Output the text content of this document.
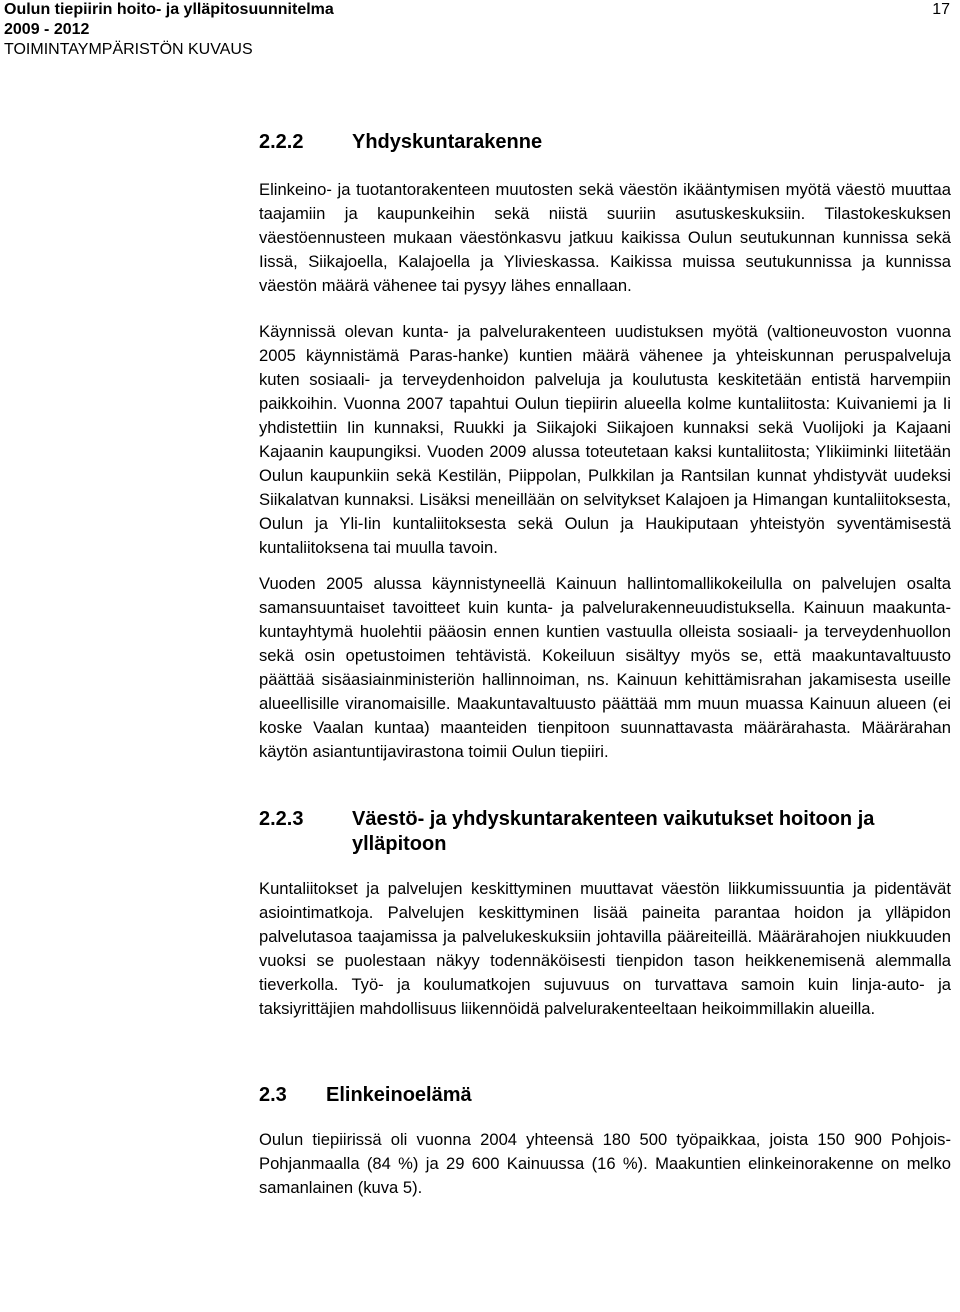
Oulun tiepiirin hoito- ja ylläpitosuunnitelma
2009 - 2012
TOIMINTAYMPÄRISTÖN KUVAUS
17
2.2.2	Yhdyskuntarakenne

Elinkeino- ja tuotantorakenteen muutosten sekä väestön ikääntymisen myötä väestö muuttaa taajamiin ja kaupunkeihin sekä niistä suuriin asutuskeskuksiin. Tilastokeskuksen väestöennusteen mukaan väestönkasvu jatkuu kaikissa Oulun seutukunnan kunnissa sekä Iissä, Siikajoella, Kalajoella ja Ylivieskassa. Kaikissa muissa seutukunnissa ja kunnissa väestön määrä vähenee tai pysyy lähes ennallaan.

Käynnissä olevan kunta- ja palvelurakenteen uudistuksen myötä (valtioneuvoston vuonna 2005 käynnistämä Paras-hanke) kuntien määrä vähenee ja yhteiskunnan peruspalveluja kuten sosiaali- ja terveydenhoidon palveluja ja koulutusta keskitetään entistä harvempiin paikkoihin. Vuonna 2007 tapahtui Oulun tiepiirin alueella kolme kuntaliitosta: Kuivaniemi ja Ii yhdistettiin Iin kunnaksi, Ruukki ja Siikajoki Siikajoen kunnaksi sekä Vuolijoki ja Kajaani Kajaanin kaupungiksi. Vuoden 2009 alussa toteutetaan kaksi kuntaliitosta; Ylikiiminki liitetään Oulun kaupunkiin sekä Kestilän, Piippolan, Pulkkilan ja Rantsilan kunnat yhdistyvät uudeksi Siikalatvan kunnaksi. Lisäksi meneillään on selvitykset Kalajoen ja Himangan kuntaliitoksesta, Oulun ja Yli-Iin kuntaliitoksesta sekä Oulun ja Haukiputaan yhteistyön syventämisestä kuntaliitoksena tai muulla tavoin.

Vuoden 2005 alussa käynnistyneellä Kainuun hallintomallikokeilulla on palvelujen osalta samansuuntaiset tavoitteet kuin kunta- ja palvelurakenneuudistuksella. Kainuun maakunta-kuntayhtymä huolehtii pääosin ennen kuntien vastuulla olleista sosiaali- ja terveydenhuollon sekä osin opetustoimen tehtävistä. Kokeiluun sisältyy myös se, että maakuntavaltuusto päättää sisäasiainministeriön hallinnoiman, ns. Kainuun kehittämisrahan jakamisesta useille alueellisille viranomaisille. Maakuntavaltuusto päättää mm muun muassa Kainuun alueen (ei koske Vaalan kuntaa) maanteiden tienpitoon suunnattavasta määrärahasta. Määrärahan käytön asiantuntijavirastona toimii Oulun tiepiiri.

2.2.3	Väestö- ja yhdyskuntarakenteen vaikutukset hoitoon ja ylläpitoon

Kuntaliitokset ja palvelujen keskittyminen muuttavat väestön liikkumissuuntia ja pidentävät asiointimatkoja. Palvelujen keskittyminen lisää paineita parantaa hoidon ja ylläpidon palvelutasoa taajamissa ja palvelukeskuksiin johtavilla pääreiteillä. Määrärahojen niukkuuden vuoksi se puolestaan näkyy todennäköisesti tienpidon tason heikkenemisenä alemmalla tieverkolla. Työ- ja koulumatkojen sujuvuus on turvattava samoin kuin linja-auto- ja taksiyrittäjien mahdollisuus liikennöidä palvelurakenteeltaan heikoimmillakin alueilla.

2.3	Elinkeinoelämä

Oulun tiepiirissä oli vuonna 2004 yhteensä 180 500 työpaikkaa, joista 150 900 Pohjois-Pohjanmaalla (84 %) ja 29 600 Kainuussa (16 %). Maakuntien elinkeinorakenne on melko samanlainen (kuva 5).
